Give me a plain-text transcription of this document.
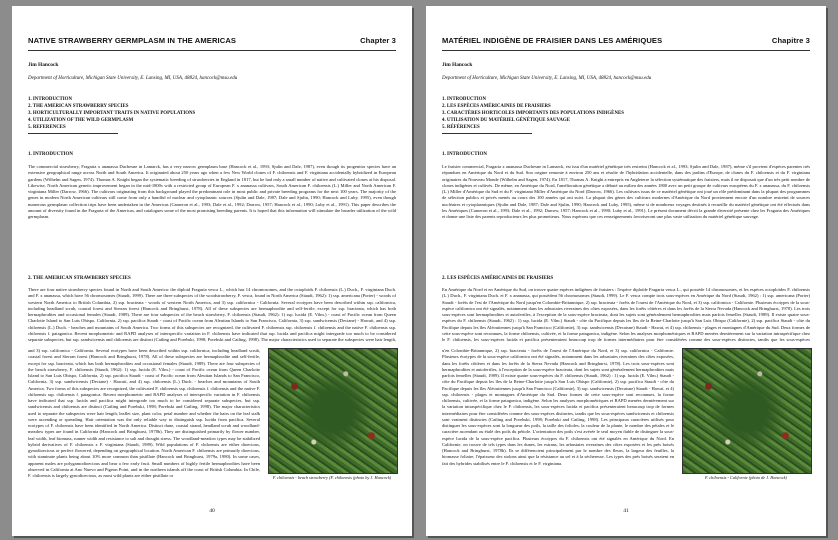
NATIVE STRAWBERRY GERMPLASM IN THE AMERICAS	Chapter 3
Jim Hancock
Department of Horticulture, Michigan State University, E. Lansing, MI, USA, 48824, hancock@msu.edu
1. INTRODUCTION
2. THE AMERICAN STRAWBERRY SPECIES
3. HORTICULTURALLY IMPORTANT TRAITS IN NATIVE POPULATIONS
4. UTILIZATION OF THE WILD GERMPLASM
5. REFERENCES
1. INTRODUCTION
The commercial strawberry, Fragaria x ananassa Duchesne in Lamarck, has a very narrow germplasm base (Hancock et al., 1993; Sjulin and Dale, 1987), even though its progenitor species have an extensive geographical range across North and South America. It originated about 250 years ago when a few New World clones of F. chiloensis and F. virginiana accidentally hybridized in European gardens (Wilhelm and Sagen, 1974). Thomas A. Knight began the systematic breeding of strawberries in England in 1817, but he had only a small number of native and cultivated clones at his disposal. Likewise, North American genetic improvement began in the mid-1800s with a restricted group of European F. x ananassa cultivars, South American F. chiloensis (L.) Miller and North American F. virginiana Miller (Darrow, 1966). The cultivars originating from this background played the predominant role in most public and private breeding programs for the next 100 years. The majority of the genes in modern North American cultivars still come from only a handful of nuclear and cytoplasmic sources (Sjulin and Dale, 1987; Dale and Sjulin, 1990; Hancock and Luby, 1995), even though numerous germplasm collection trips have been undertaken in the Americas (Cameron et al., 1993; Dale et al., 1992; Darrow, 1957; Hancock et al., 1990; Luby et al., 1991). This paper describes the amount of diversity found in the Fragaria of the Americas, and catalogues some of the most promising breeding parents. It is hoped that this information will stimulate the broader utilization of the wild germplasm.
2. THE AMERICAN STRAWBERRY SPECIES
There are four native strawberry species found in North and South America: the diploid Fragaria vesca L., which has 14 chromosomes, and the octoploids F. chiloensis (L.) Duch., F. virginiana Duch. and F. x ananassa, which have 56 chromosomes (Staudt, 1999). There are three subspecies of the woodstrawberry, F. vesca, found in North America (Staudt, 1962): 1) ssp. americana (Porter) - woods of western North America to British Columbia, 2) ssp. bracteata - woods of western North America, and 3) ssp. californica - California. Several ecotypes have been described within ssp. californica, including headland scrub, coastal forest and Sierran forest (Hancock and Bringhurst, 1978). All of these subspecies are hermaphrodite and self-fertile, except for ssp. bracteata, which has both hermaphrodites and occasional females (Staudt, 1989). There are four subspecies of the beach strawberry, F. chiloensis (Staudt, 1962): 1) ssp. lucida (E. Vilm.) - coast of Pacific ocean from Queen Charlotte Island to San Luis Obispo, California, 2) ssp. pacifica Staudt - coast of Pacific ocean from Aleutian Islands to San Francisco, California, 3) ssp. sandwicensis (Deciane) - Hawaii, and 4) ssp. chiloensis (L.) Duch. - beaches and mountains of South America. Two forms of this subspecies are recognized, the cultivated F. chiloensis ssp. chiloensis f. chiloensis and the native F. chiloensis ssp. chiloensis f. patagonica. Recent morphometric and RAPD analyses of interspecific variation in F. chiloensis have indicated that ssp. lucida and pacifica might intergrade too much to be considered separate subspecies, but ssp. sandwicensis and chiloensis are distinct (Catling and Porebski, 1998; Porebski and Catling, 1998). The major characteristics used to separate the subspecies were hair length,
F. chiloensis - beach strawberry (F. chiloensis (photo by J. Hancock)
40
and 3) ssp. californica - California. Several ecotypes have been described within ssp. californica, including headland scrub, coastal forest and Sierran forest (Hancock and Bringhurst, 1978). All of these subspecies are hermaphrodite and self-fertile, except for ssp. bracteata, which has both hermaphrodites and occasional females (Staudt, 1989). There are four subspecies of the beach strawberry, F. chiloensis (Staudt, 1962): 1) ssp. lucida (E. Vilm.) - coast of Pacific ocean from Queen Charlotte Island to San Luis Obispo, California, 2) ssp. pacifica Staudt - coast of Pacific ocean from Aleutian Islands to San Francisco, California, 3) ssp. sandwicensis (Deciane) - Hawaii, and 4) ssp. chiloensis (L.) Duch. - beaches and mountains of South America. Two forms of this subspecies are recognized, the cultivated F. chiloensis ssp. chiloensis f. chiloensis and the native F. chiloensis ssp. chiloensis f. patagonica. Recent morphometric and RAPD analyses of interspecific variation in F. chiloensis have indicated that ssp. lucida and pacifica might intergrade too much to be considered separate subspecies, but ssp. sandwicensis and chiloensis are distinct (Catling and Porebski, 1998; Porebski and Catling, 1998). The major characteristics used to separate the subspecies were hair length, leaflet size, plant color, petal number and whether the hairs on the leaf stalk were ascending or spreading. Hair orientation was the only reliable way to distinguish ssp. lucida from pacifica. Several ecotypes of F. chiloensis have been identified in North America. Distinct dune, coastal strand, headland scrub and woodland-meadow types are found in California (Hancock and Bringhurst, 1978b). They are distinguished primarily by flower number, leaf width, leaf biomass, runner width and resistance to salt and drought stress. The woodland-meadow types may be stabilized hybrid derivatives of F. chiloensis x F. virginiana (Staudt, 1989). Wild populations of F. chiloensis are either dioecious, gynodioecious or perfect flowered, depending on geographical location. North American F. chiloensis are primarily dioecious, with staminate plants being about 10% more common than pistillate (Hancock and Bringhurst, 1979a, 1980). In some cases, apparent males are polygamodioecious and bear a few early fruit. Small numbers of highly fertile hermaphrodites have been observed in California at Ano Nuevo and Pigeon Point, and in the northern islands off the coast of British Columbia. In Chile, F. chiloensis is largely gynodioecious, as most wild plants are either pistillate or
MATÉRIEL INDIGÈNE DE FRAISIER DANS LES AMÉRIQUES	Chapitre 3
Jim Hancock
Department of Horticulture, Michigan State University, E. Lansing, MI, USA, 48824, hancock@msu.edu
1. INTRODUCTION
2. LES ESPÈCES AMÉRICAINES DE FRAISIERS
3. CARACTÈRES HORTICOLES IMPORTANTS DES POPULATIONS INDIGÈNES
4. UTILISATION DU MATÉRIEL GÉNÉTIQUE SAUVAGE
5. RÉFÉRENCES
1. INTRODUCTION
Le fraisier commercial, Fragaria x ananassa Duchesne in Lamarck, est issu d'un matériel génétique très restreint (Hancock et al., 1993; Sjulin and Dale, 1987), même s'il provient d'espèces parentes très répandues en Amérique du Nord et du Sud. Son origine remonte à environ 250 ans et résulte de l'hybridation accidentelle, dans des jardins d'Europe, de clones du F. chiloensis et du F. virginiana originaires du Nouveau Monde (Wilhelm and Sagen, 1974). En 1817, Thomas A. Knight a entrepris en Angleterre la sélection systématique des fraisiers, mais il ne disposait que d'un très petit nombre de clones indigènes et cultivés. De même, en Amérique du Nord, l'amélioration génétique a débuté au milieu des années 1800 avec un petit groupe de cultivars européens du F. x ananassa, du F. chiloensis (L.) Miller d'Amérique du Sud et du F. virginiana Miller d'Amérique du Nord (Darrow, 1966). Les cultivars issus de ce matériel génétique ont joué un rôle prédominant dans la plupart des programmes de sélection publics et privés menés au cours des 100 années qui ont suivi. La plupart des gènes des cultivars modernes d'Amérique du Nord proviennent encore d'un nombre restreint de sources nucléaires et cytoplasmiques (Sjulin and Dale, 1987; Dale and Sjulin, 1990; Hancock and Luby, 1995), même si de nombreux voyages destinés à recueillir du matériel génétique ont été effectués dans les Amériques (Cameron et al., 1993; Dale et al., 1992; Darrow, 1957; Hancock et al., 1990; Luby et al., 1991). Le présent document décrit la grande diversité présente chez les Fragaria des Amériques et donne une liste des parents reproducteurs les plus prometteurs. Nous espérons que ces renseignements favoriseront une plus vaste utilisation du matériel génétique sauvage.
2. LES ESPÈCES AMÉRICAINES DE FRAISIERS
En Amérique du Nord et en Amérique du Sud, on trouve quatre espèces indigènes de fraisiers : l'espèce diploïde Fragaria vesca L., qui possède 14 chromosomes, et les espèces octoploïdes F. chiloensis (L.) Duch., F. virginiana Duch. et F. x ananassa, qui possèdent 56 chromosomes (Staudt, 1999). Le F. vesca compte trois sous-espèces en Amérique du Nord (Staudt, 1962) : 1) ssp. americana (Porter) Staudt - forêts de l'est de l'Amérique du Nord jusqu'en Colombie-Britannique, 2) ssp. bracteata - forêts de l'ouest de l'Amérique du Nord, et 3) ssp. californica - Californie. Plusieurs écotypes de la sous-espèce californica ont été signalés, notamment dans les arbustaies riveraines des côtes exposées, dans les forêts côtières et dans les forêts de la Sierra Nevada (Hancock and Bringhurst, 1978). Les trois sous-espèces sont hermaphrodites et autofertiles, à l'exception de la sous-espèce bracteata, dont les sujets sont généralement hermaphrodites mais parfois femelles (Staudt, 1989). Il existe quatre sous-espèces du F. chiloensis (Staudt, 1962) : 1) ssp. lucida (E. Vilm.) Staudt - côte du Pacifique depuis les îles de la Reine-Charlotte jusqu'à San Luis Obispo (Californie), 2) ssp. pacifica Staudt - côte du Pacifique depuis les îles Aléoutiennes jusqu'à San Francisco (Californie), 3) ssp. sandwicensis (Decaisne) Staudt - Hawaï, et 4) ssp. chiloensis - plages et montagnes d'Amérique du Sud. Deux formes de cette sous-espèce sont reconnues, la forme chiloensis, cultivée, et la forme patagonica, indigène. Selon les analyses morphométriques et RAPD menées dernièrement sur la variation intraspécifique chez le F. chiloensis, les sous-espèces lucida et pacifica présenteraient beaucoup trop de formes intermédiaires pour être considérées comme des sous-espèces distinctes, tandis que les sous-espèces
F. chiloensis - Californie (photo de J. Hancock)
41
u'en Colombie-Britannique, 2) ssp. bracteata - forêts de l'ouest de l'Amérique du Nord, et 3) ssp. californica - Californie. Plusieurs écotypes de la sous-espèce californica ont été signalés, notamment dans les arbustaies riveraines des côtes exposées, dans les forêts côtières et dans les forêts de la Sierra Nevada (Hancock and Bringhurst, 1978). Les trois sous-espèces sont hermaphrodites et autofertiles, à l'exception de la sous-espèce bracteata, dont les sujets sont généralement hermaphrodites mais parfois femelles (Staudt, 1989). Il existe quatre sous-espèces du F. chiloensis (Staudt, 1962) : 1) ssp. lucida (E. Vilm.) Staudt - côte du Pacifique depuis les îles de la Reine-Charlotte jusqu'à San Luis Obispo (Californie), 2) ssp. pacifica Staudt - côte du Pacifique depuis les îles Aléoutiennes jusqu'à San Francisco (Californie), 3) ssp. sandwicensis (Decaisne) Staudt - Hawaï, et 4) ssp. chiloensis - plages et montagnes d'Amérique du Sud. Deux formes de cette sous-espèce sont reconnues, la forme chiloensis, cultivée, et la forme patagonica, indigène. Selon les analyses morphométriques et RAPD menées dernièrement sur la variation intraspécifique chez le F. chiloensis, les sous-espèces lucida et pacifica présenteraient beaucoup trop de formes intermédiaires pour être considérées comme des sous-espèces distinctes, tandis que les sous-espèces sandwicensis et chiloensis sont vraiment distinctes (Catling and Porebski, 1998; Porebski and Catling, 1998). Les principaux caractères utilisés pour distinguer les sous-espèces sont la longueur des poils, la taille des folioles, la couleur de la plante, le nombre des pétales et le caractère ascendant ou étalé des poils du pétiole. L'orientation des poils s'est avérée le seul moyen fiable de distinguer la sous-espèce lucida de la sous-espèce pacifica. Plusieurs écotypes du F. chiloensis ont été signalés en Amérique du Nord. En Californie, on trouve de tels types dans les dunes, les estrans, les arbustaies riveraines des côtes exposées et les prés boisés (Hancock and Bringhurst, 1978b). Ils se différencient principalement par le nombre des fleurs, la largeur des feuilles, la biomasse foliaire, l'épaisseur des stolons ainsi que la résistance au sel et à la sécheresse. Les types des prés boisés seraient en fait des hybrides stabilisés entre le F. chiloensis et le F. virginiana.
